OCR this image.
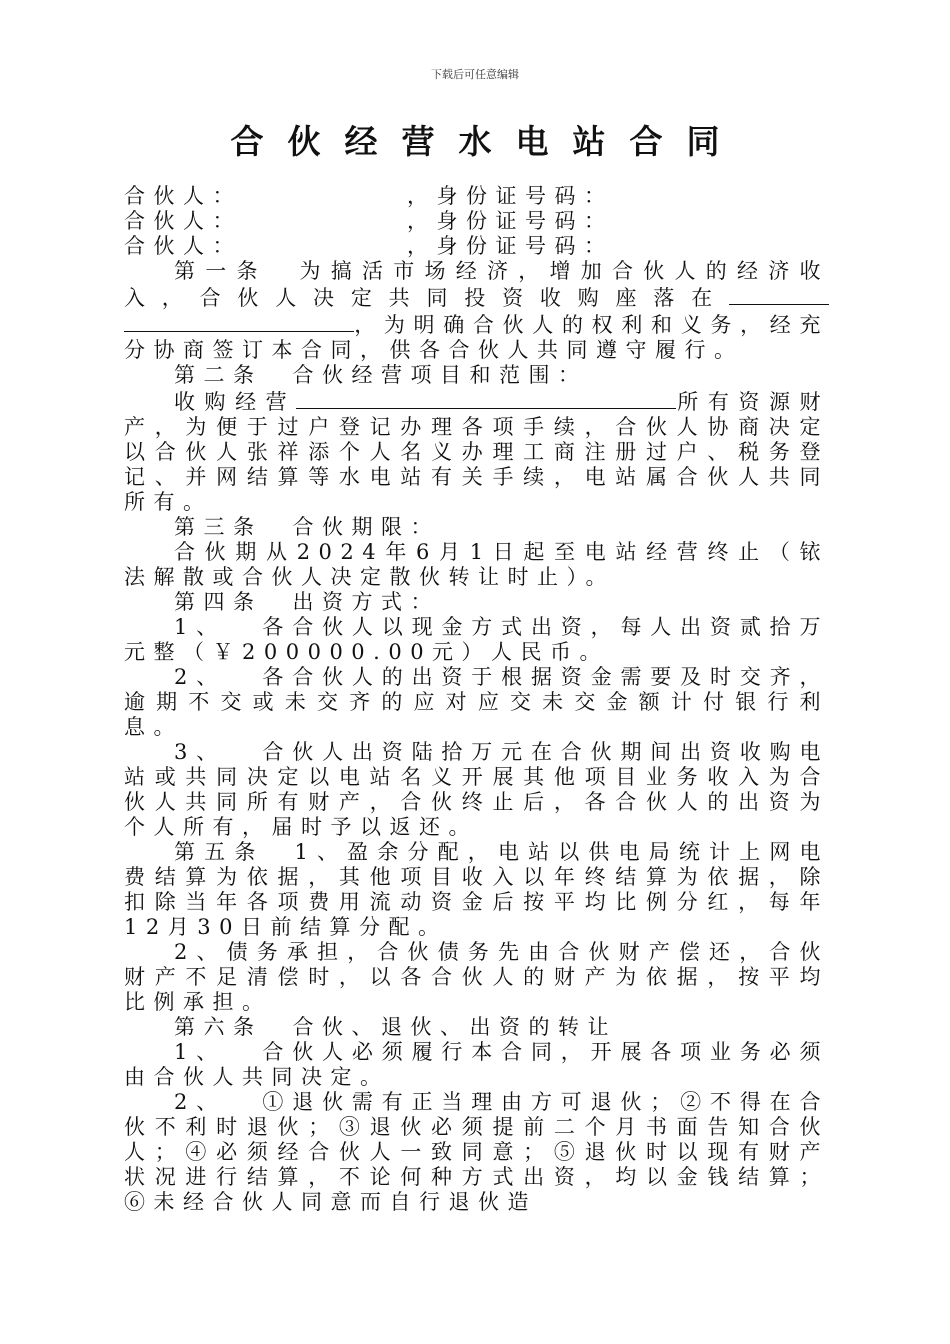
下载后可任意编辑
合伙经营水电站合同
合伙人：	，身份证号码：
合伙人：	，身份证号码：
合伙人：	，身份证号码：
第一条 为搞活市场经济，增加合伙人的经济收入，合伙人决定共同投资收购座落在，为明确合伙人的权利和义务，经充分协商签订本合同，供各合伙人共同遵守履行。
第二条 合伙经营项目和范围：
收购经营	所有资源财产，为便于过户登记办理各项手续，合伙人协商决定以合伙人张祥添个人名义办理工商注册过户、税务登记、并网结算等水电站有关手续，电站属合伙人共同所有。
第三条 合伙期限：
合伙期从2024年6月1日起至电站经营终止（铱法解散或合伙人决定散伙转让时止）。
第四条 出资方式：
1、 各合伙人以现金方式出资，每人出资贰拾万元整（￥200000.00元）人民币。
2、 各合伙人的出资于根据资金需要及时交齐，逾期不交或未交齐的应对应交未交金额计付银行利息。
3、 合伙人出资陆拾万元在合伙期间出资收购电站或共同决定以电站名义开展其他项目业务收入为合伙人共同所有财产，合伙终止后，各合伙人的出资为个人所有，届时予以返还。
第五条 1、盈余分配，电站以供电局统计上网电费结算为依据，其他项目收入以年终结算为依据，除扣除当年各项费用流动资金后按平均比例分红，每年12月30日前结算分配。
2、债务承担，合伙债务先由合伙财产偿还，合伙财产不足清偿时，以各合伙人的财产为依据，按平均比例承担。
第六条 合伙、退伙、出资的转让
1、 合伙人必须履行本合同，开展各项业务必须由合伙人共同决定。
2、 ①退伙需有正当理由方可退伙；②不得在合伙不利时退伙；③退伙必须提前二个月书面告知合伙人；④必须经合伙人一致同意；⑤退伙时以现有财产状况进行结算，不论何种方式出资，均以金钱结算；⑥未经合伙人同意而自行退伙造
